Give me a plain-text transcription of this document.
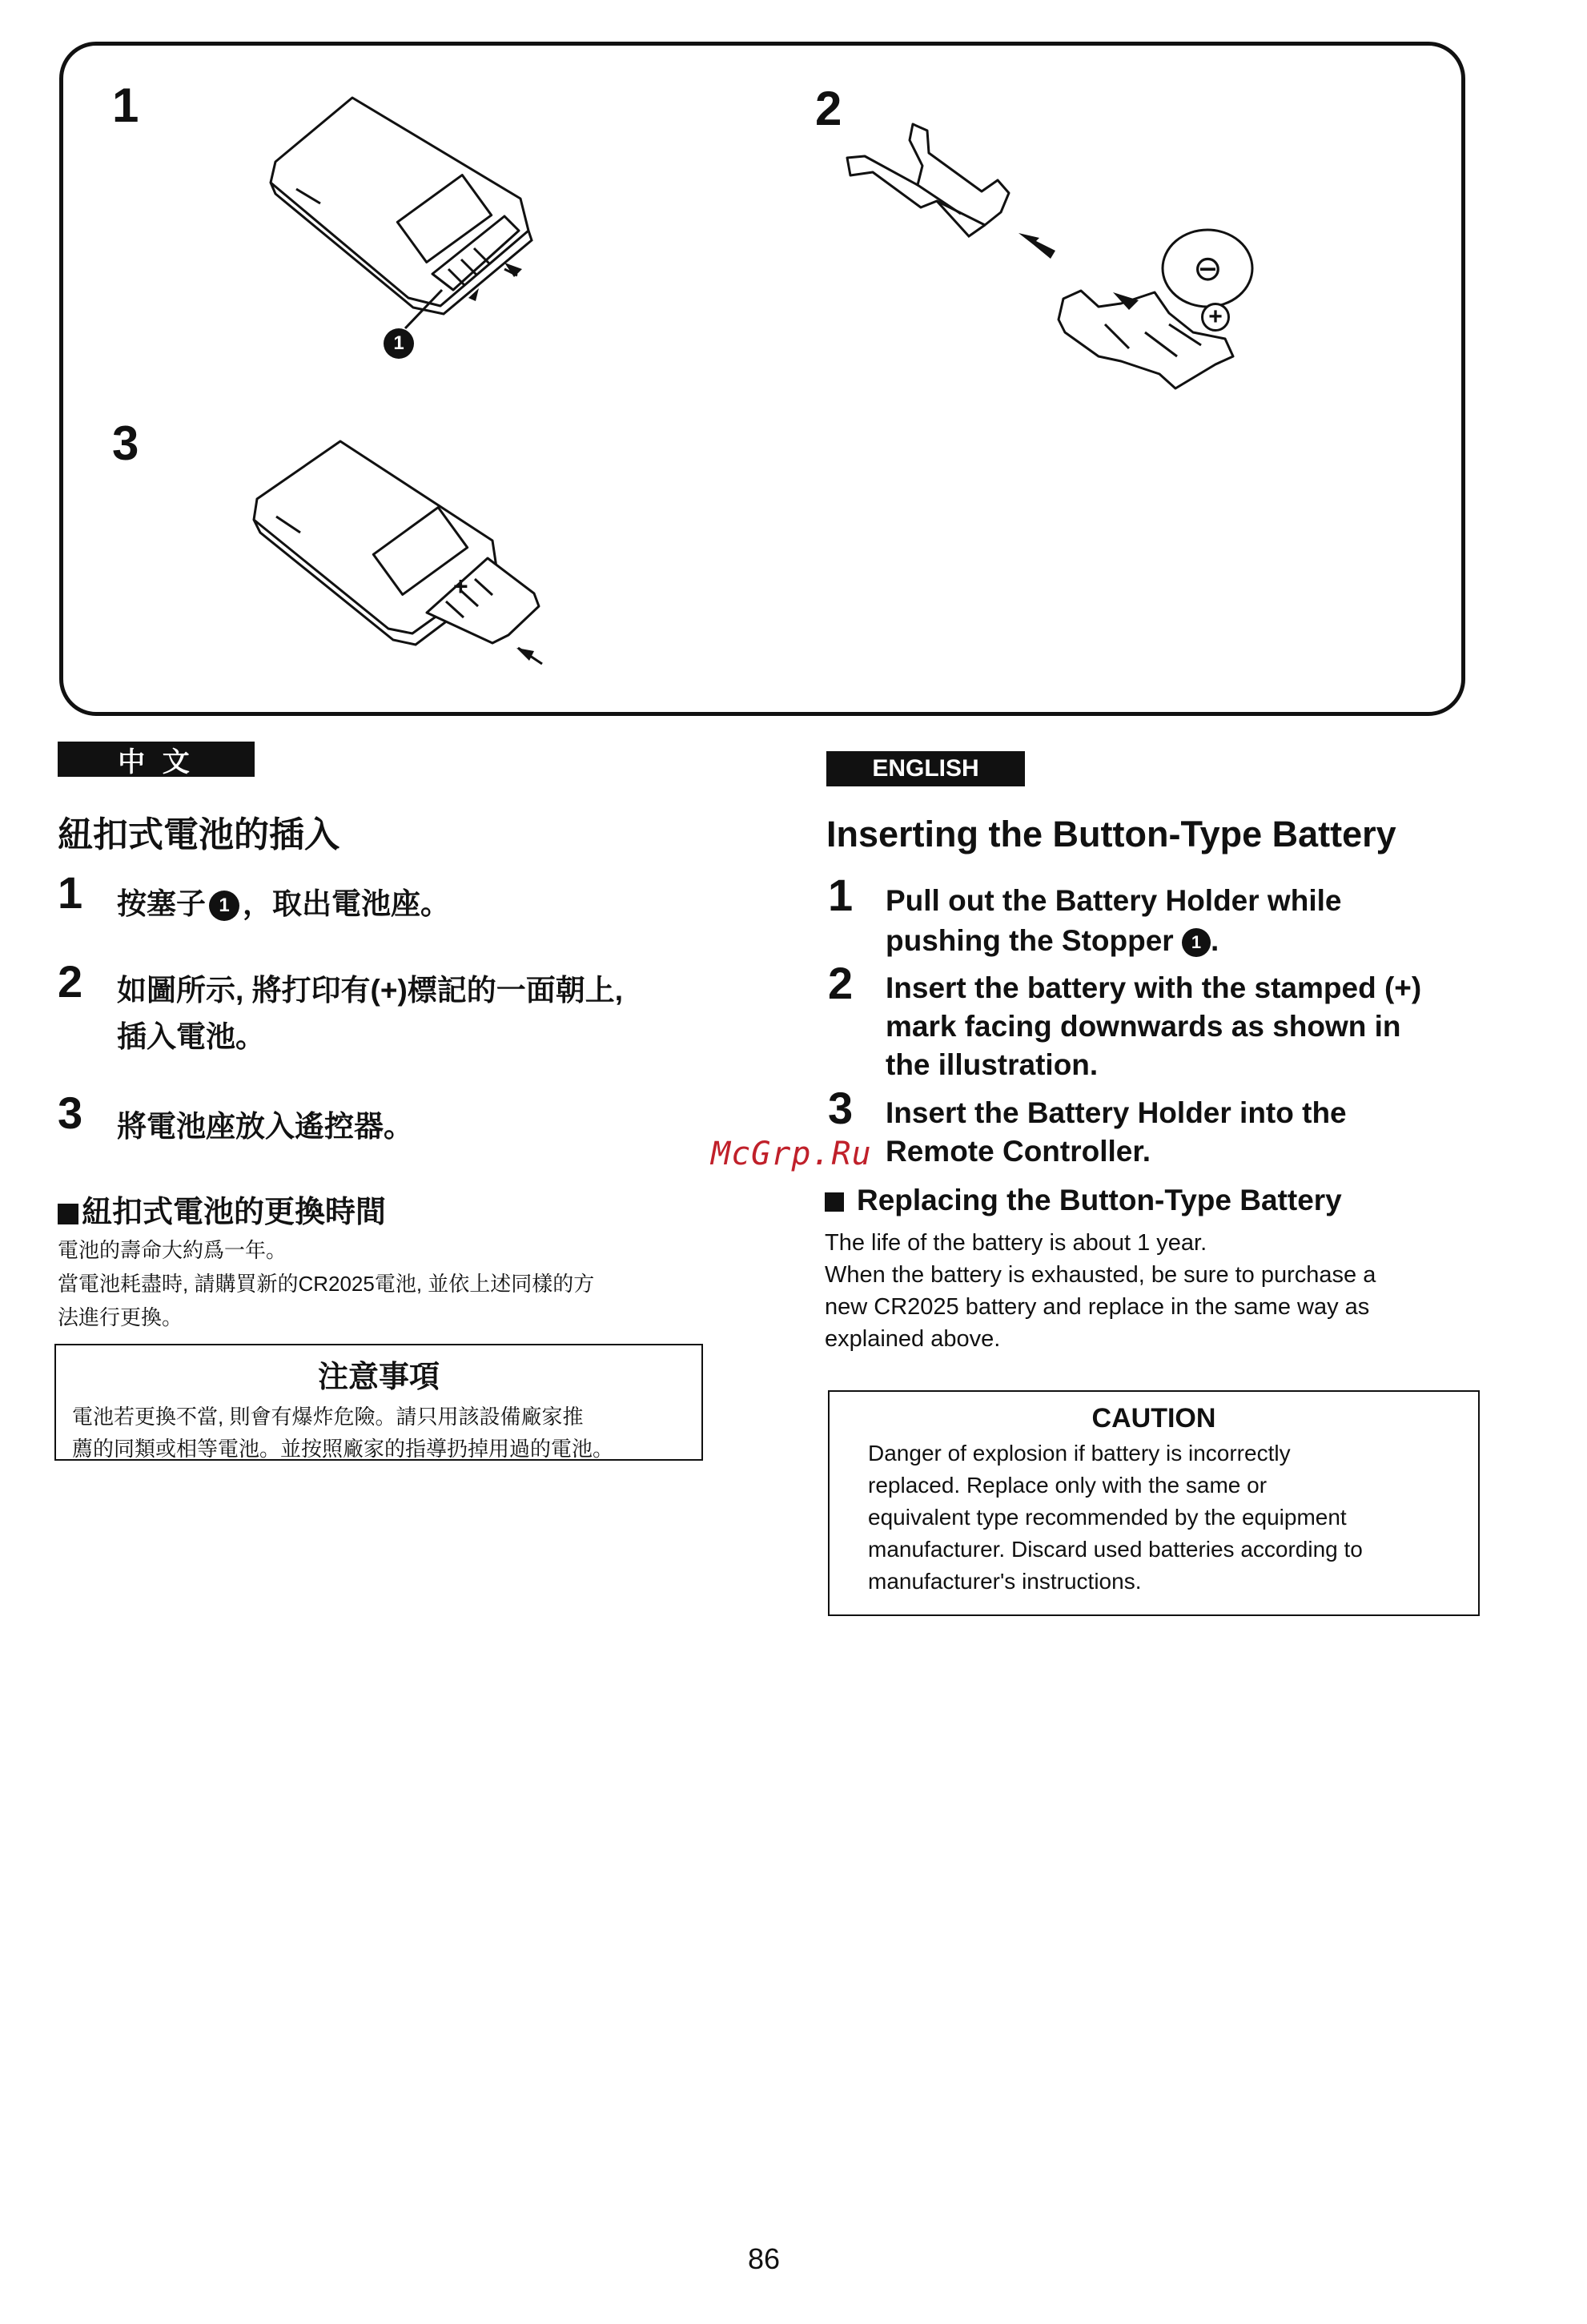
1	2
3
1
⊖
+
+
中 文
紐扣式電池的插入
1 按塞子 1 ，取出電池座。
2 如圖所示, 將打印有(+)標記的一面朝上,
插入電池。
3 將電池座放入遙控器。
紐扣式電池的更換時間
電池的壽命大約爲一年。
當電池耗盡時, 請購買新的CR2025電池, 並依上述同樣的方
法進行更換。
注意事項
電池若更換不當, 則會有爆炸危險。請只用該設備廠家推
薦的同類或相等電池。並按照廠家的指導扔掉用過的電池。
ENGLISH
Inserting the Button-Type Battery
1 Pull out the Battery Holder while
pushing the Stopper 1 .
2 Insert the battery with the stamped (+)
mark facing downwards as shown in
the illustration.
3 Insert the Battery Holder into the
Remote Controller.
McGrp.Ru
Replacing the Button-Type Battery
The life of the battery is about 1 year.
When the battery is exhausted, be sure to purchase a
new CR2025 battery and replace in the same way as
explained above.
CAUTION
Danger of explosion if battery is incorrectly
replaced. Replace only with the same or
equivalent type recommended by the equipment
manufacturer. Discard used batteries according to
manufacturer's instructions.
86
